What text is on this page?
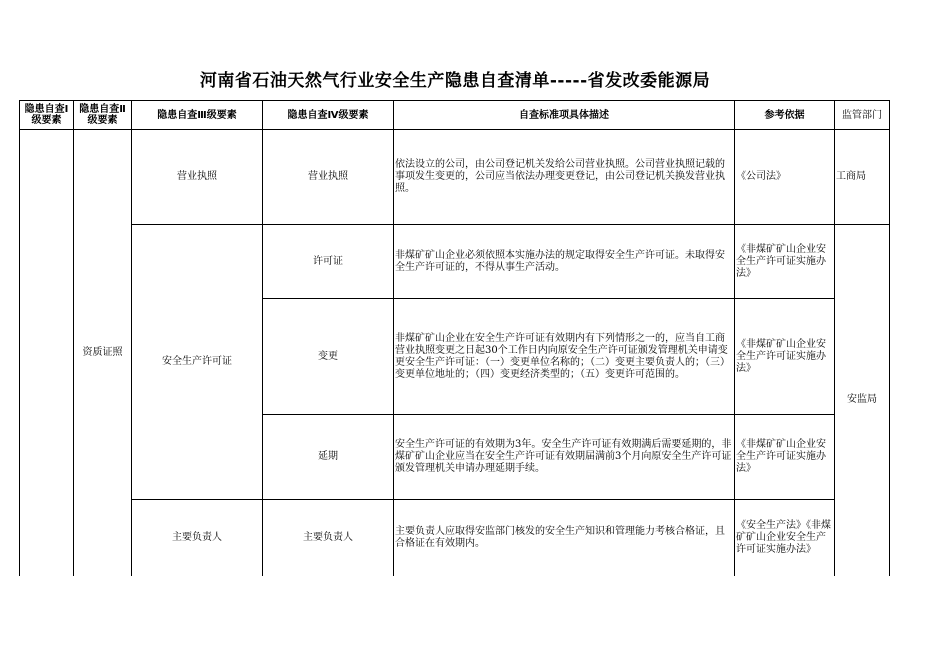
河南省石油天然气行业安全生产隐患自查清单-----省发改委能源局
隐患自查Ⅰ级要素	隐患自查Ⅱ级要素	隐患自查Ⅲ级要素	隐患自查Ⅳ级要素	自查标准项具体描述	参考依据	监管部门
	资质证照	营业执照	营业执照	依法设立的公司，由公司登记机关发给公司营业执照。公司营业执照记载的事项发生变更的，公司应当依法办理变更登记，由公司登记机关换发营业执照。	《公司法》	工商局
		安全生产许可证	许可证	非煤矿矿山企业必须依照本实施办法的规定取得安全生产许可证。未取得安全生产许可证的，不得从事生产活动。	《非煤矿矿山企业安全生产许可证实施办法》	安监局
			变更	非煤矿矿山企业在安全生产许可证有效期内有下列情形之一的，应当自工商营业执照变更之日起30个工作日内向原安全生产许可证颁发管理机关申请变更安全生产许可证：（一）变更单位名称的；（二）变更主要负责人的；（三）变更单位地址的；（四）变更经济类型的；（五）变更许可范围的。	《非煤矿矿山企业安全生产许可证实施办法》	
			延期	安全生产许可证的有效期为3年。安全生产许可证有效期满后需要延期的，非煤矿矿山企业应当在安全生产许可证有效期届满前3个月向原安全生产许可证颁发管理机关申请办理延期手续。	《非煤矿矿山企业安全生产许可证实施办法》	
		主要负责人	主要负责人	主要负责人应取得安监部门核发的安全生产知识和管理能力考核合格证，且合格证在有效期内。	《安全生产法》《非煤矿矿山企业安全生产许可证实施办法》	
